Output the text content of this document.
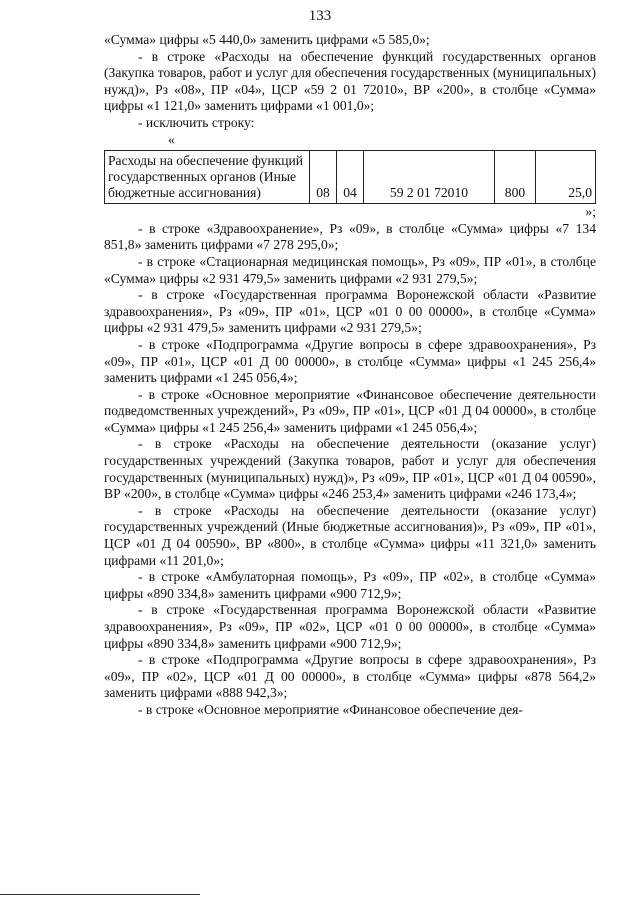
133

«Сумма» цифры «5 440,0» заменить цифрами «5 585,0»;

- в строке «Расходы на обеспечение функций государственных органов (Закупка товаров, работ и услуг для обеспечения государственных (муниципальных) нужд)», Рз «08», ПР «04», ЦСР «59 2 01 72010», ВР «200», в столбце «Сумма» цифры «1 121,0» заменить цифрами «1 001,0»;

- исключить строку:

«

Расходы на обеспечение функций государственных органов (Иные бюджетные ассигнования)	08	04	59 2 01 72010	800	25,0

»;

- в строке «Здравоохранение», Рз «09», в столбце «Сумма» цифры «7 134 851,8» заменить цифрами «7 278 295,0»;

- в строке «Стационарная медицинская помощь», Рз «09», ПР «01», в столбце «Сумма» цифры «2 931 479,5» заменить цифрами «2 931 279,5»;

- в строке «Государственная программа Воронежской области «Развитие здравоохранения», Рз «09», ПР «01», ЦСР «01 0 00 00000», в столбце «Сумма» цифры «2 931 479,5» заменить цифрами «2 931 279,5»;

- в строке «Подпрограмма «Другие вопросы в сфере здравоохранения», Рз «09», ПР «01», ЦСР «01 Д 00 00000», в столбце «Сумма» цифры «1 245 256,4» заменить цифрами «1 245 056,4»;

- в строке «Основное мероприятие «Финансовое обеспечение деятельности подведомственных учреждений», Рз «09», ПР «01», ЦСР «01 Д 04 00000», в столбце «Сумма» цифры «1 245 256,4» заменить цифрами «1 245 056,4»;

- в строке «Расходы на обеспечение деятельности (оказание услуг) государственных учреждений (Закупка товаров, работ и услуг для обеспечения государственных (муниципальных) нужд)», Рз «09», ПР «01», ЦСР «01 Д 04 00590», ВР «200», в столбце «Сумма» цифры «246 253,4» заменить цифрами «246 173,4»;

- в строке «Расходы на обеспечение деятельности (оказание услуг) государственных учреждений (Иные бюджетные ассигнования)», Рз «09», ПР «01», ЦСР «01 Д 04 00590», ВР «800», в столбце «Сумма» цифры «11 321,0» заменить цифрами «11 201,0»;

- в строке «Амбулаторная помощь», Рз «09», ПР «02», в столбце «Сумма» цифры «890 334,8» заменить цифрами «900 712,9»;

- в строке «Государственная программа Воронежской области «Развитие здравоохранения», Рз «09», ПР «02», ЦСР «01 0 00 00000», в столбце «Сумма» цифры «890 334,8» заменить цифрами «900 712,9»;

- в строке «Подпрограмма «Другие вопросы в сфере здравоохранения», Рз «09», ПР «02», ЦСР «01 Д 00 00000», в столбце «Сумма» цифры «878 564,2» заменить цифрами «888 942,3»;

- в строке «Основное мероприятие «Финансовое обеспечение дея-
